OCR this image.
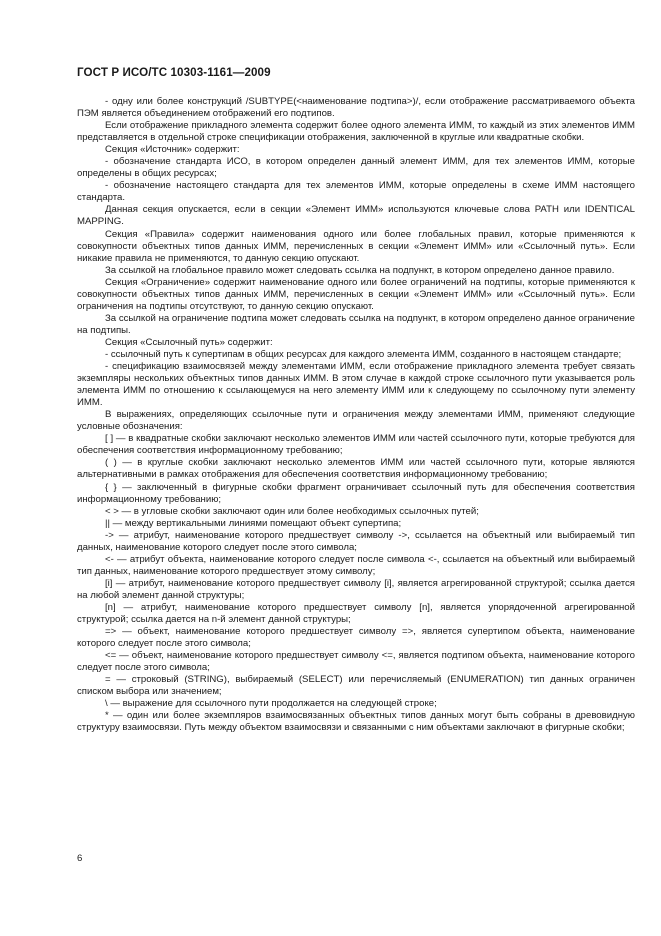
ГОСТ Р ИСО/ТС 10303-1161—2009

- одну или более конструкций /SUBTYPE(<наименование подтипа>)/, если отображение рассматриваемого объекта ПЭМ является объединением отображений его подтипов.

Если отображение прикладного элемента содержит более одного элемента ИММ, то каждый из этих элементов ИММ представляется в отдельной строке спецификации отображения, заключенной в круглые или квадратные скобки.

Секция «Источник» содержит:

- обозначение стандарта ИСО, в котором определен данный элемент ИММ, для тех элементов ИММ, которые определены в общих ресурсах;

- обозначение настоящего стандарта для тех элементов ИММ, которые определены в схеме ИММ настоящего стандарта.

Данная секция опускается, если в секции «Элемент ИММ» используются ключевые слова PATH или IDENTICAL MAPPING.

Секция «Правила» содержит наименования одного или более глобальных правил, которые применяются к совокупности объектных типов данных ИММ, перечисленных в секции «Элемент ИММ» или «Ссылочный путь». Если никакие правила не применяются, то данную секцию опускают.

За ссылкой на глобальное правило может следовать ссылка на подпункт, в котором определено данное правило.

Секция «Ограничение» содержит наименование одного или более ограничений на подтипы, которые применяются к совокупности объектных типов данных ИММ, перечисленных в секции «Элемент ИММ» или «Ссылочный путь». Если ограничения на подтипы отсутствуют, то данную секцию опускают.

За ссылкой на ограничение подтипа может следовать ссылка на подпункт, в котором определено данное ограничение на подтипы.

Секция «Ссылочный путь» содержит:

- ссылочный путь к супертипам в общих ресурсах для каждого элемента ИММ, созданного в настоящем стандарте;

- спецификацию взаимосвязей между элементами ИММ, если отображение прикладного элемента требует связать экземпляры нескольких объектных типов данных ИММ. В этом случае в каждой строке ссылочного пути указывается роль элемента ИММ по отношению к ссылающемуся на него элементу ИММ или к следующему по ссылочному пути элементу ИММ.

В выражениях, определяющих ссылочные пути и ограничения между элементами ИММ, применяют следующие условные обозначения:

[ ] — в квадратные скобки заключают несколько элементов ИММ или частей ссылочного пути, которые требуются для обеспечения соответствия информационному требованию;

( ) — в круглые скобки заключают несколько элементов ИММ или частей ссылочного пути, которые являются альтернативными в рамках отображения для обеспечения соответствия информационному требованию;

{ } — заключенный в фигурные скобки фрагмент ограничивает ссылочный путь для обеспечения соответствия информационному требованию;

< > — в угловые скобки заключают один или более необходимых ссылочных путей;

|| — между вертикальными линиями помещают объект супертипа;

-> — атрибут, наименование которого предшествует символу ->, ссылается на объектный или выбираемый тип данных, наименование которого следует после этого символа;

<- — атрибут объекта, наименование которого следует после символа <-, ссылается на объектный или выбираемый тип данных, наименование которого предшествует этому символу;

[i] — атрибут, наименование которого предшествует символу [i], является агрегированной структурой; ссылка дается на любой элемент данной структуры;

[n] — атрибут, наименование которого предшествует символу [n], является упорядоченной агрегированной структурой; ссылка дается на n-й элемент данной структуры;

=> — объект, наименование которого предшествует символу =>, является супертипом объекта, наименование которого следует после этого символа;

<= — объект, наименование которого предшествует символу <=, является подтипом объекта, наименование которого следует после этого символа;

= — строковый (STRING), выбираемый (SELECT) или перечисляемый (ENUMERATION) тип данных ограничен списком выбора или значением;

\ — выражение для ссылочного пути продолжается на следующей строке;

* — один или более экземпляров взаимосвязанных объектных типов данных могут быть собраны в древовидную структуру взаимосвязи. Путь между объектом взаимосвязи и связанными с ним объектами заключают в фигурные скобки;

6
